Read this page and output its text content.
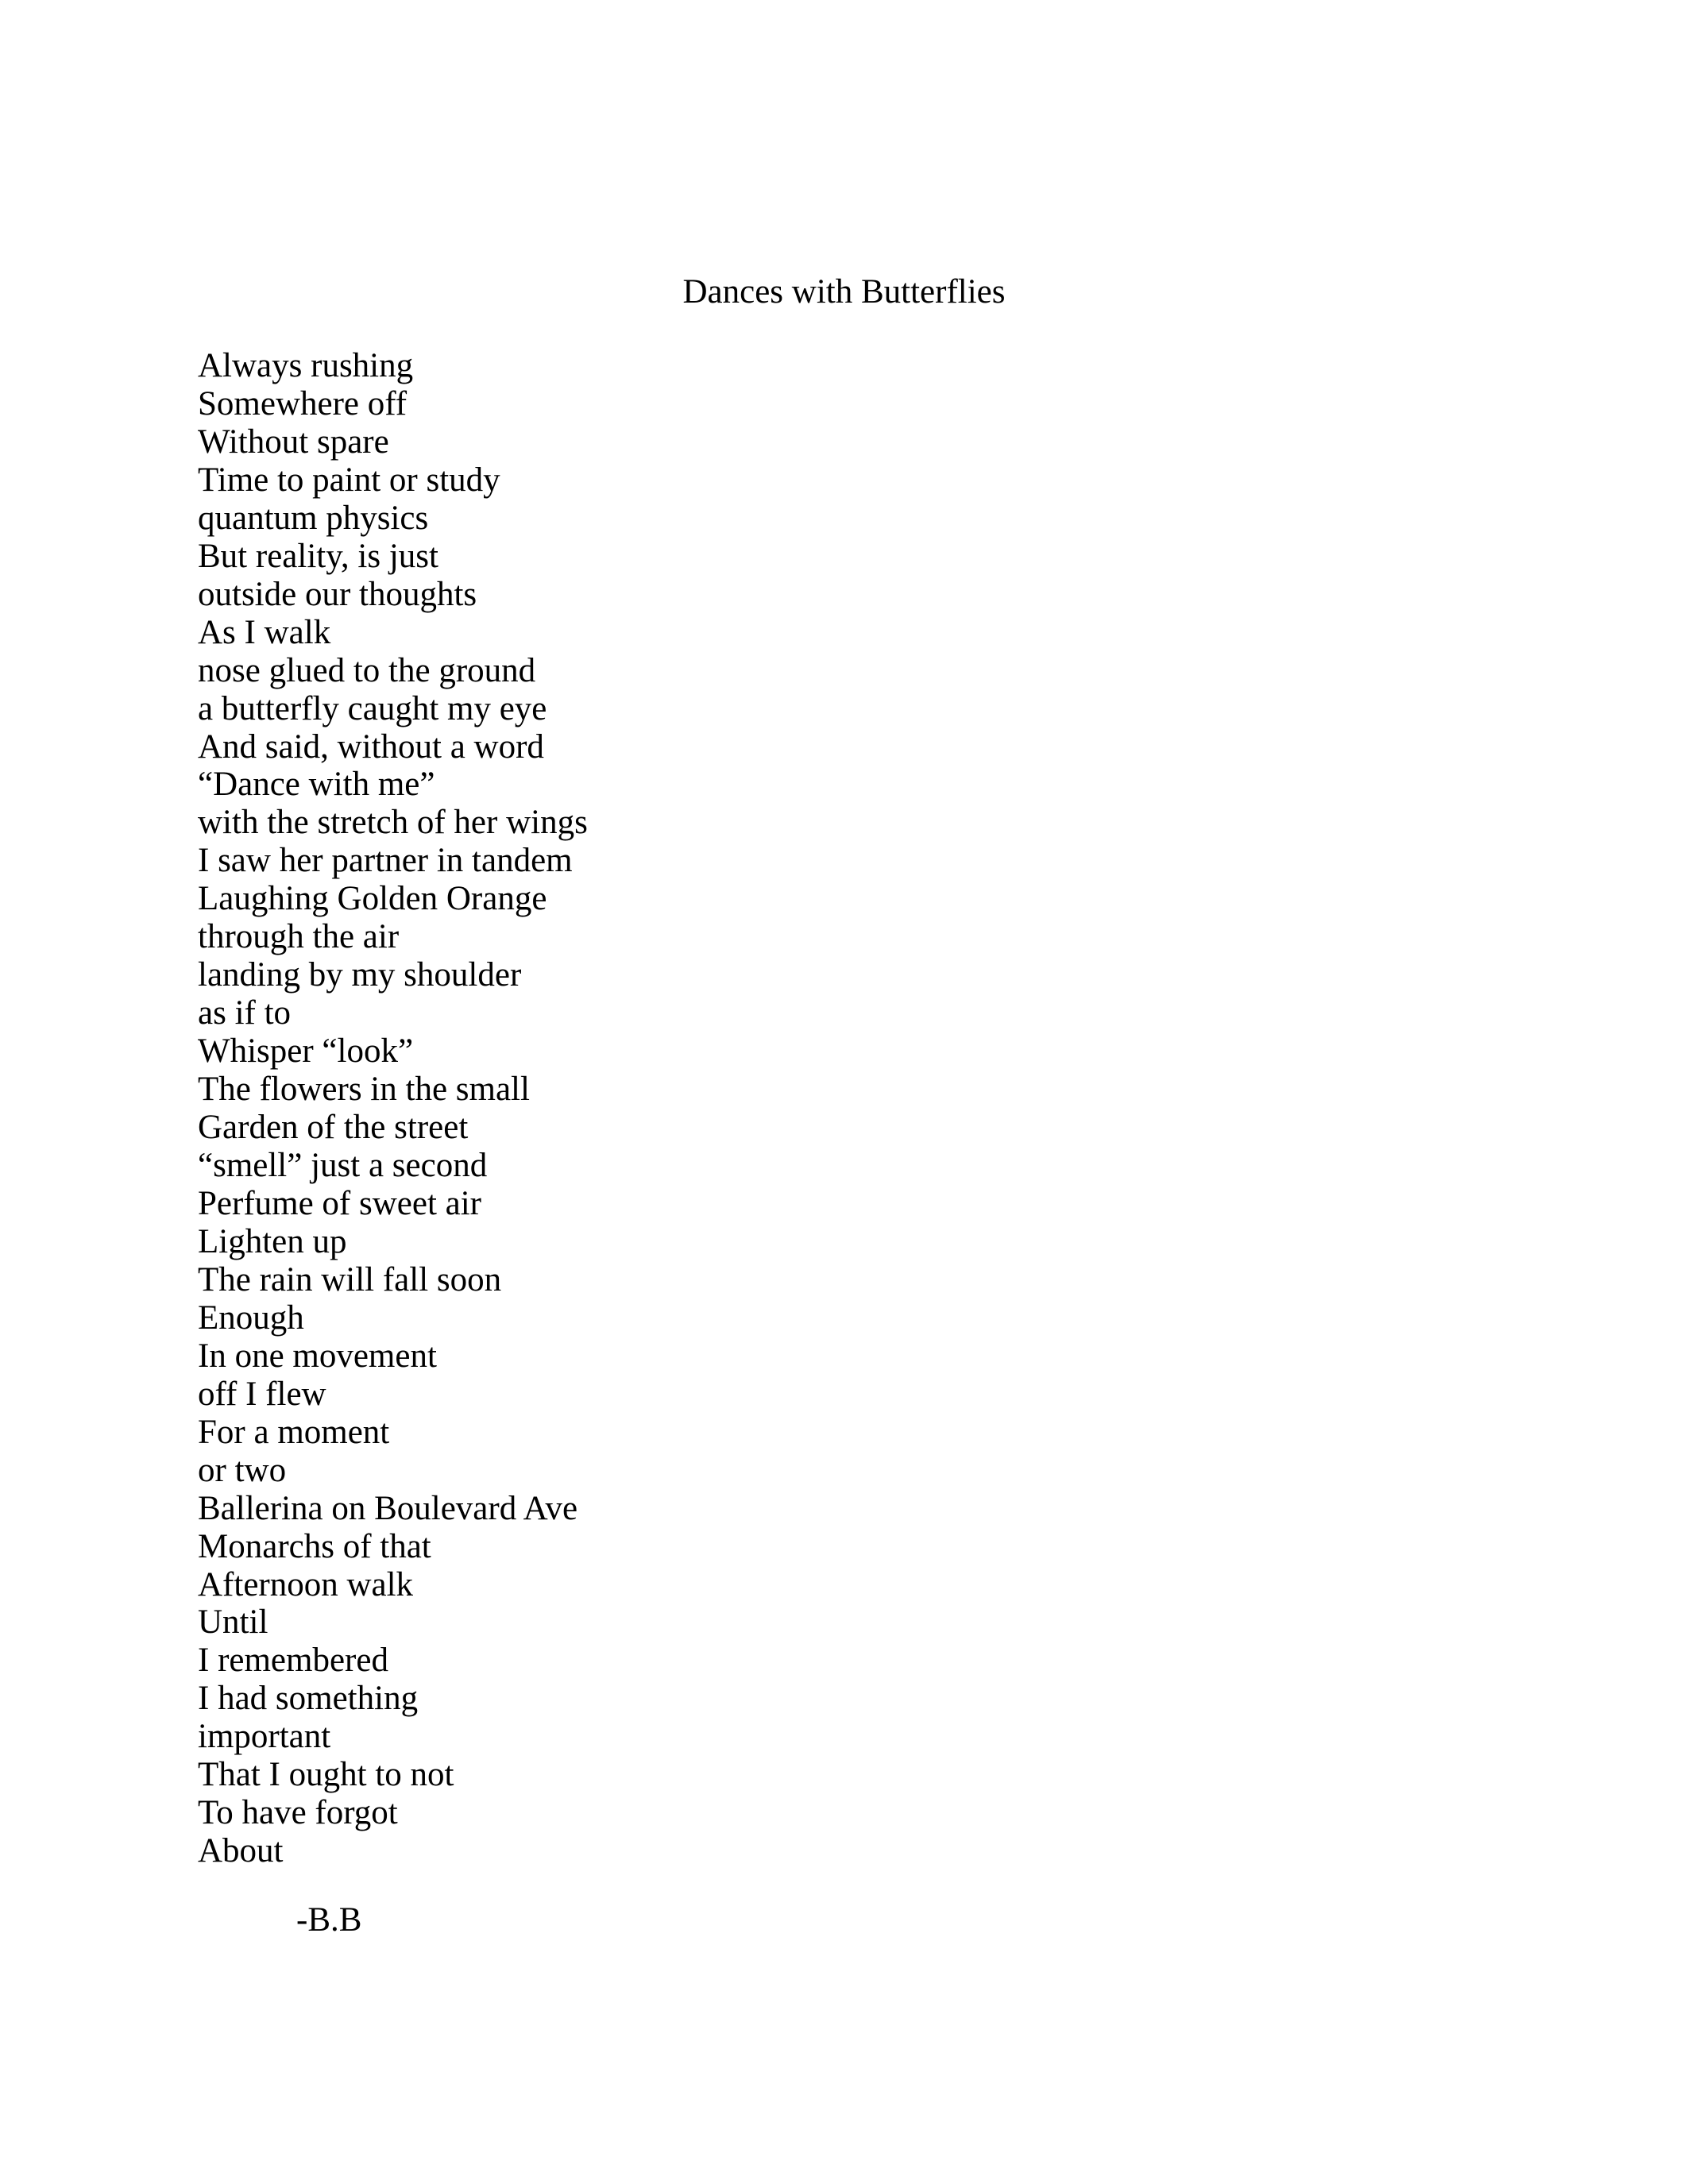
Dances with Butterflies
Always rushing
Somewhere off
Without spare
Time to paint or study
quantum physics
But reality, is just
outside our thoughts
As I walk
nose glued to the ground
a butterfly caught my eye
And said, without a word
“Dance with me”
with the stretch of her wings
I saw her partner in tandem
Laughing Golden Orange
through the air
landing by my shoulder
as if to
Whisper “look”
The flowers in the small
Garden of the street
“smell” just a second
Perfume of sweet air
Lighten up
The rain will fall soon
Enough
In one movement
off I flew
For a moment
or two
Ballerina on Boulevard Ave
Monarchs of that
Afternoon walk
Until
I remembered
I had something
important
That I ought to not
To have forgot
About
-B.B
